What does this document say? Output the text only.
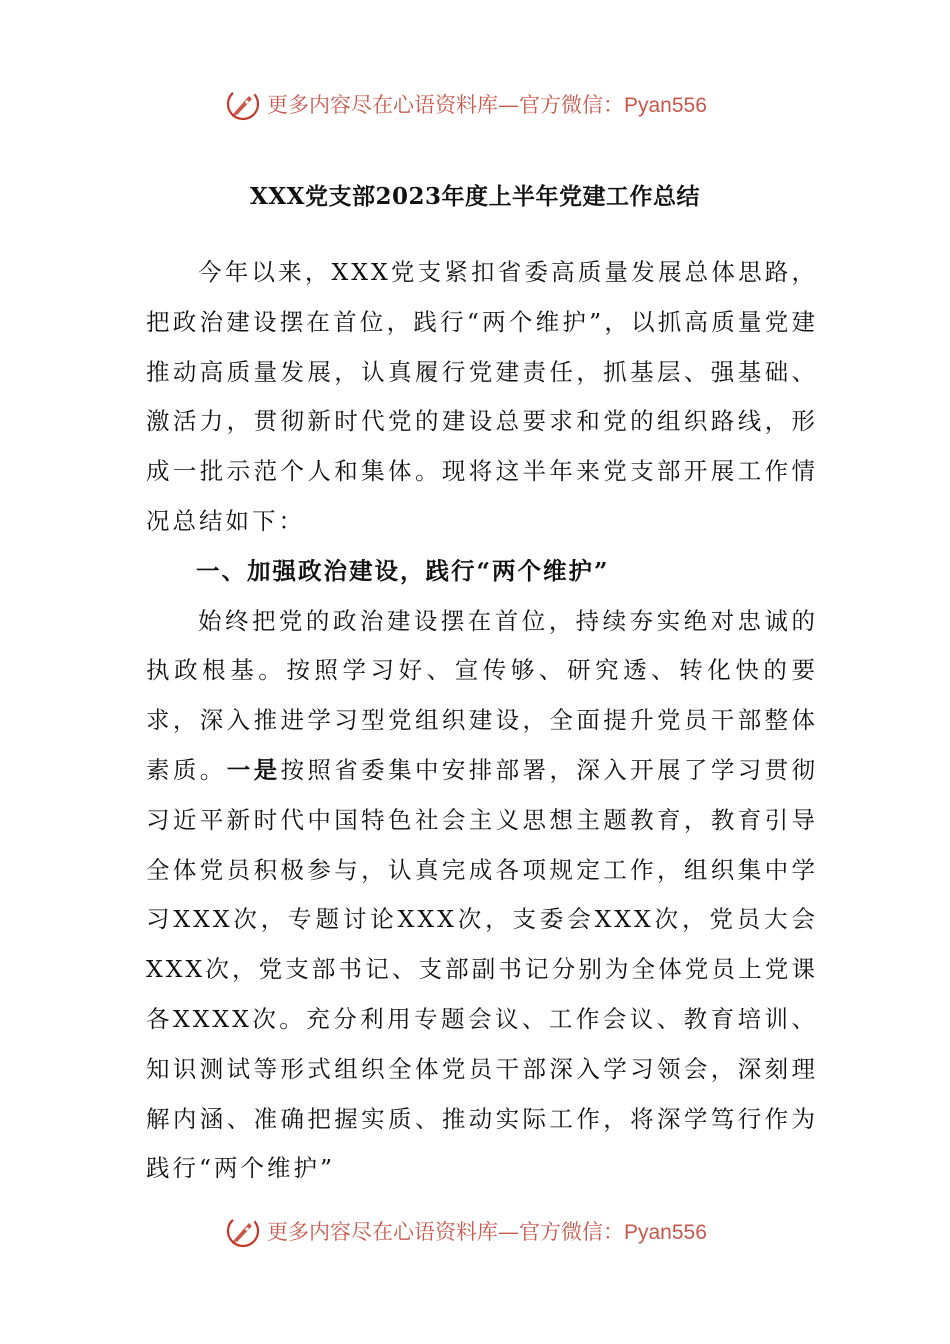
更多内容尽在心语资料库—官方微信：Pyan556
XXX党支部2023年度上半年党建工作总结

今年以来，XXX党支紧扣省委高质量发展总体思路，把政治建设摆在首位，践行“两个维护”，以抓高质量党建推动高质量发展，认真履行党建责任，抓基层、强基础、激活力，贯彻新时代党的建设总要求和党的组织路线，形成一批示范个人和集体。现将这半年来党支部开展工作情况总结如下：

一、加强政治建设，践行“两个维护”

始终把党的政治建设摆在首位，持续夯实绝对忠诚的执政根基。按照学习好、宣传够、研究透、转化快的要求，深入推进学习型党组织建设，全面提升党员干部整体素质。一是按照省委集中安排部署，深入开展了学习贯彻习近平新时代中国特色社会主义思想主题教育，教育引导全体党员积极参与，认真完成各项规定工作，组织集中学习XXX次，专题讨论XXX次，支委会XXX次，党员大会XXX次，党支部书记、支部副书记分别为全体党员上党课各XXXX次。充分利用专题会议、工作会议、教育培训、知识测试等形式组织全体党员干部深入学习领会，深刻理解内涵、准确把握实质、推动实际工作，将深学笃行作为践行“两个维护”

更多内容尽在心语资料库—官方微信：Pyan556
